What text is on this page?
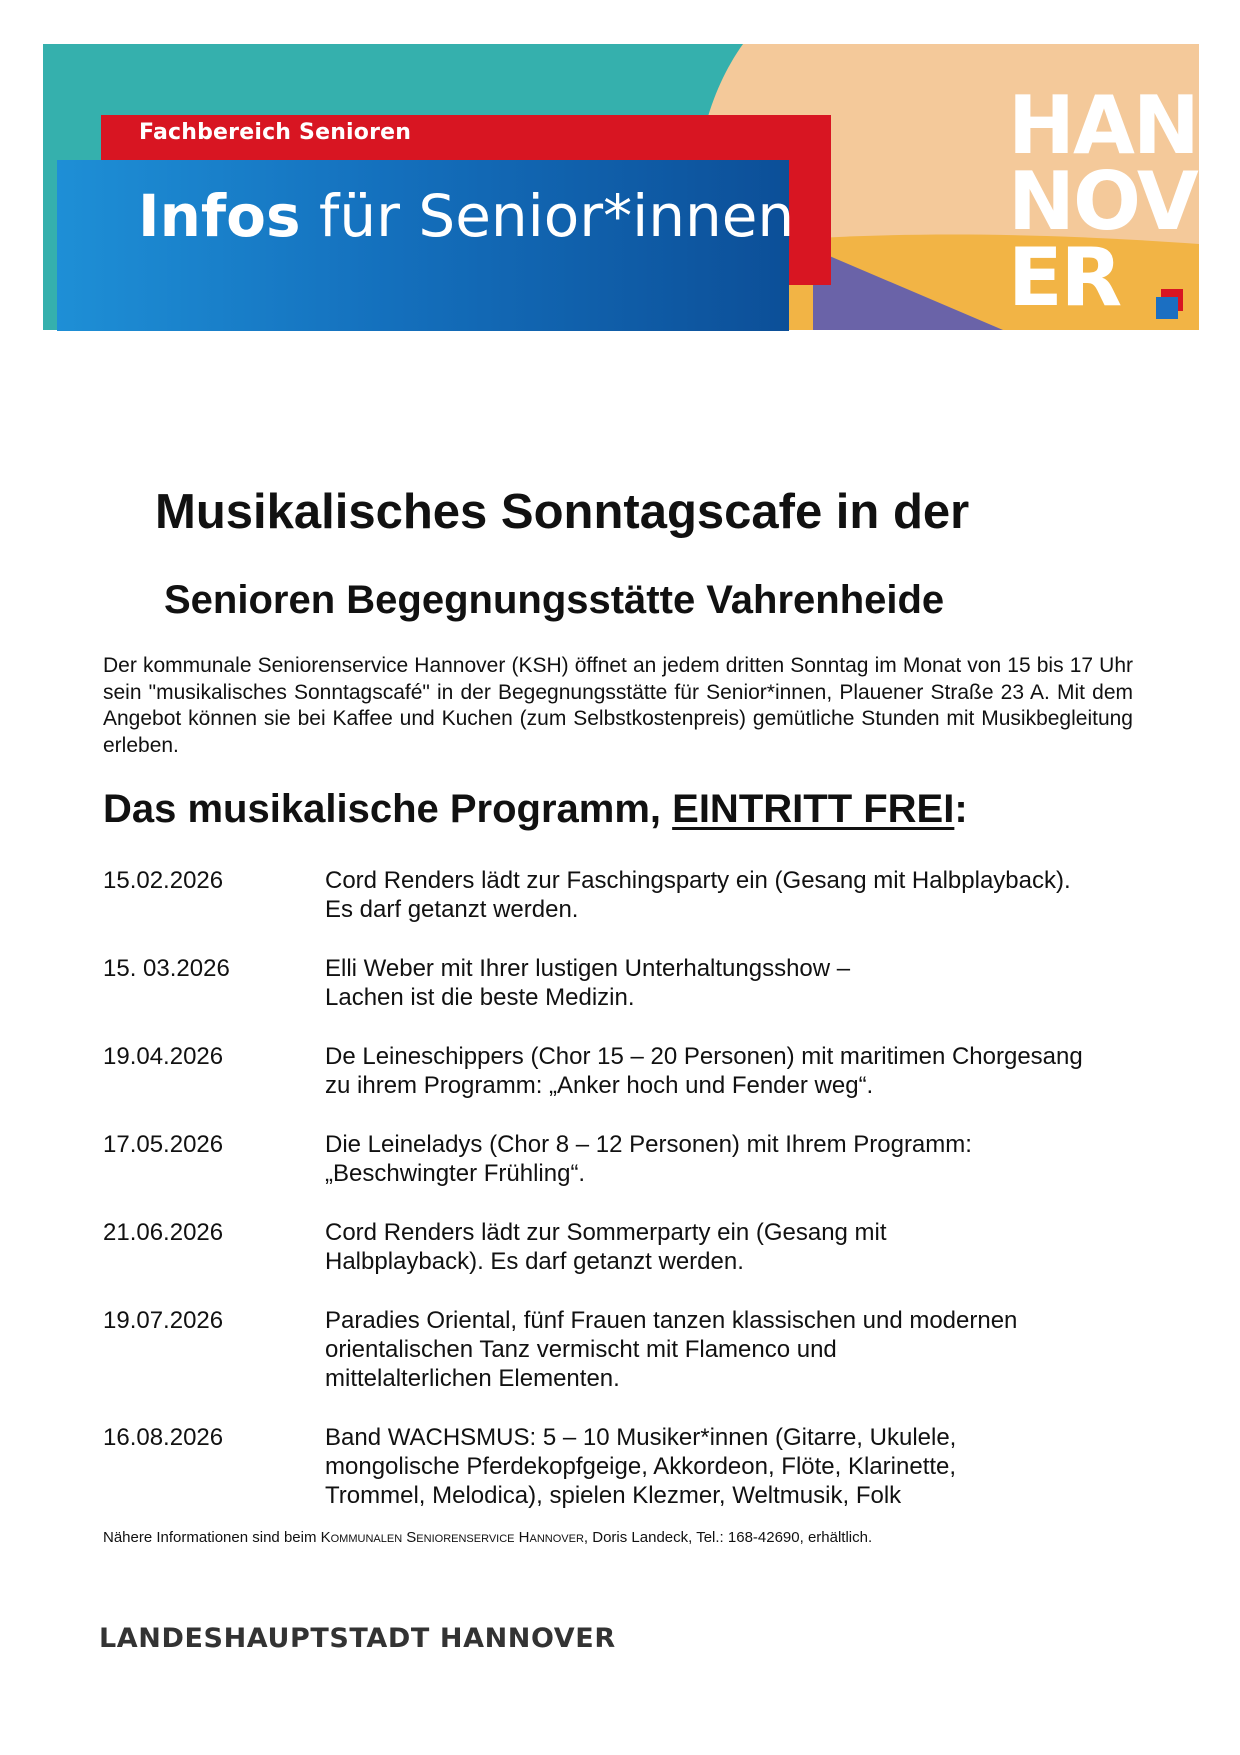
HAN
NOV
ER
Fachbereich Senioren
Infos für Senior*innen
Musikalisches Sonntagscafe in der
Senioren Begegnungsstätte Vahrenheide
Der kommunale Seniorenservice Hannover (KSH) öffnet an jedem dritten Sonntag im Monat von 15 bis 17 Uhr sein "musikalisches Sonntagscafé" in der Begegnungsstätte für Senior*innen, Plauener Straße 23 A. Mit dem Angebot können sie bei Kaffee und Kuchen (zum Selbstkostenpreis) gemütliche Stunden mit Musikbegleitung erleben.
Das musikalische Programm, EINTRITT FREI:
15.02.2026	Cord Renders lädt zur Faschingsparty ein (Gesang mit Halbplayback).
Es darf getanzt werden.
15. 03.2026	Elli Weber mit Ihrer lustigen Unterhaltungsshow –
Lachen ist die beste Medizin.
19.04.2026	De Leineschippers (Chor 15 – 20 Personen) mit maritimen Chorgesang
zu ihrem Programm: „Anker hoch und Fender weg“.
17.05.2026	Die Leineladys (Chor 8 – 12 Personen) mit Ihrem Programm:
„Beschwingter Frühling“.
21.06.2026	Cord Renders lädt zur Sommerparty ein (Gesang mit
Halbplayback). Es darf getanzt werden.
19.07.2026	Paradies Oriental, fünf Frauen tanzen klassischen und modernen
orientalischen Tanz vermischt mit Flamenco und
mittelalterlichen Elementen.
16.08.2026	Band WACHSMUS: 5 – 10 Musiker*innen (Gitarre, Ukulele,
mongolische Pferdekopfgeige, Akkordeon, Flöte, Klarinette,
Trommel, Melodica), spielen Klezmer, Weltmusik, Folk
Nähere Informationen sind beim Kommunalen Seniorenservice Hannover, Doris Landeck, Tel.: 168-42690, erhältlich.
LANDESHAUPTSTADT HANNOVER
